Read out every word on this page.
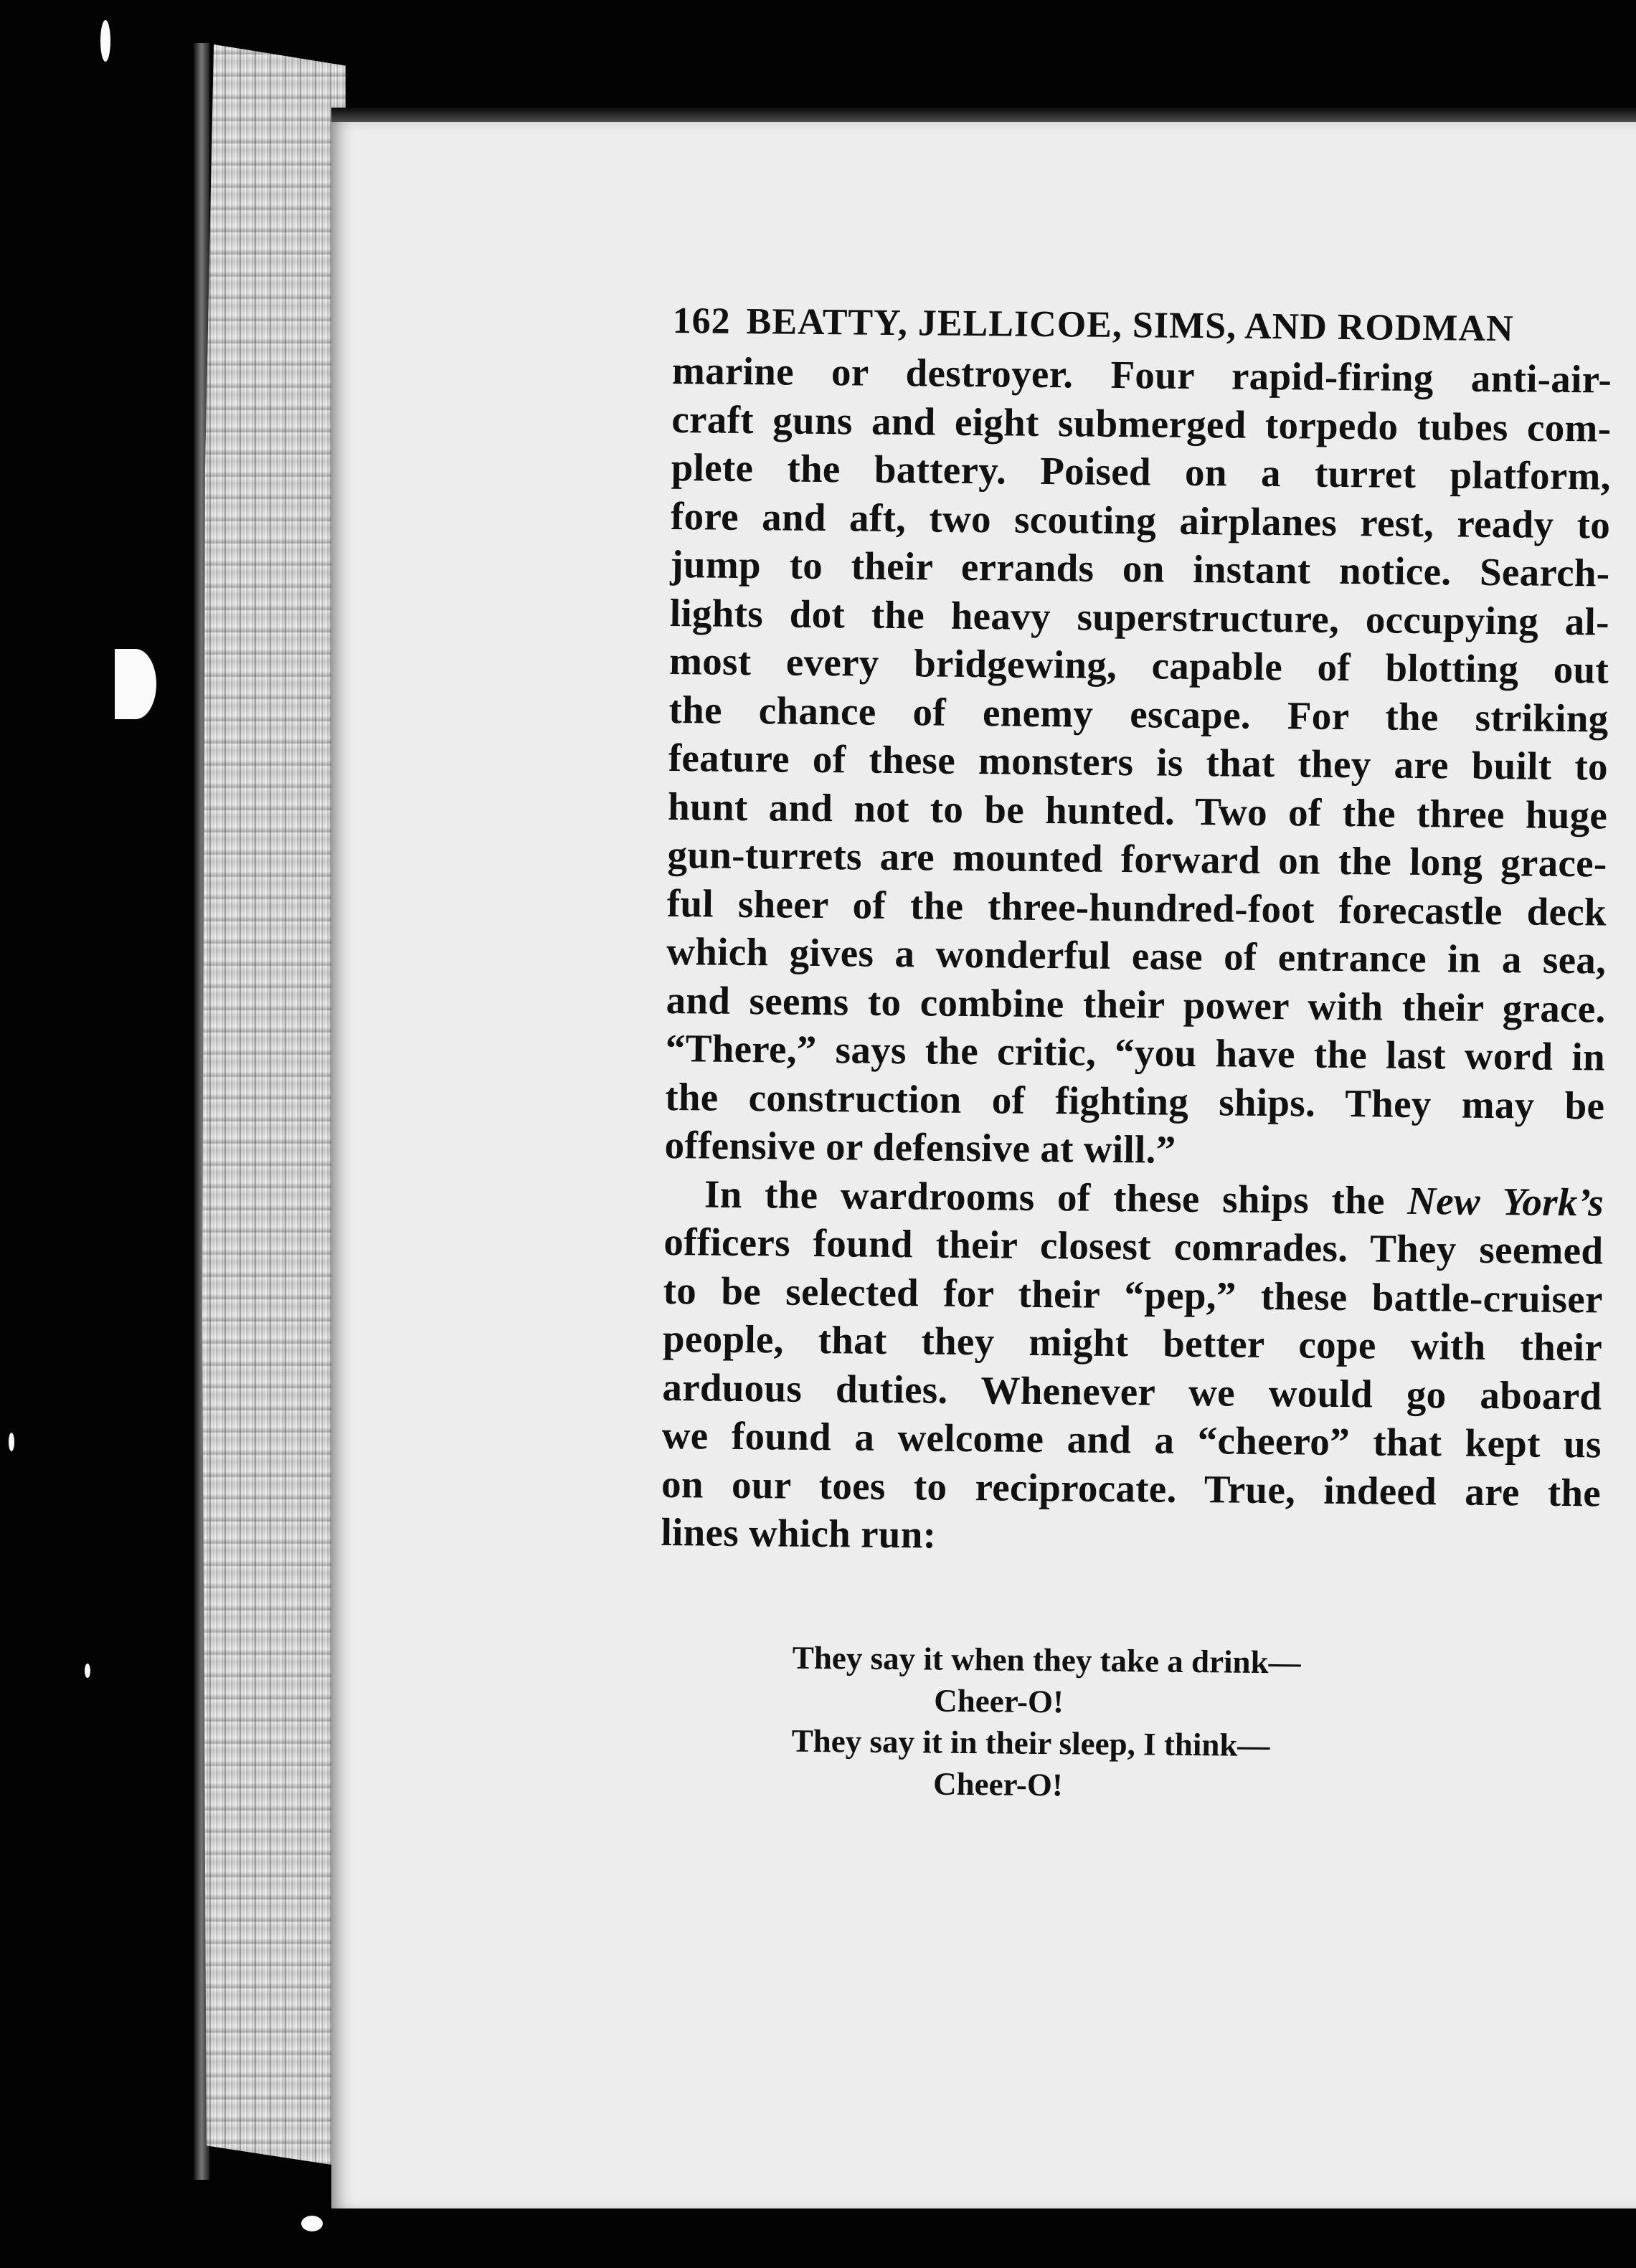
162 BEATTY, JELLICOE, SIMS, AND RODMAN
marine or destroyer. Four rapid-firing anti-air-
craft guns and eight submerged torpedo tubes com-
plete the battery. Poised on a turret platform,
fore and aft, two scouting airplanes rest, ready to
jump to their errands on instant notice. Search-
lights dot the heavy superstructure, occupying al-
most every bridgewing, capable of blotting out
the chance of enemy escape. For the striking
feature of these monsters is that they are built to
hunt and not to be hunted. Two of the three huge
gun-turrets are mounted forward on the long grace-
ful sheer of the three-hundred-foot forecastle deck
which gives a wonderful ease of entrance in a sea,
and seems to combine their power with their grace.
“There,” says the critic, “you have the last word in
the construction of fighting ships. They may be
offensive or defensive at will.”
In the wardrooms of these ships the New York’s
officers found their closest comrades. They seemed
to be selected for their “pep,” these battle-cruiser
people, that they might better cope with their
arduous duties. Whenever we would go aboard
we found a welcome and a “cheero” that kept us
on our toes to reciprocate. True, indeed are the
lines which run:
They say it when they take a drink—
Cheer-O!
They say it in their sleep, I think—
Cheer-O!
